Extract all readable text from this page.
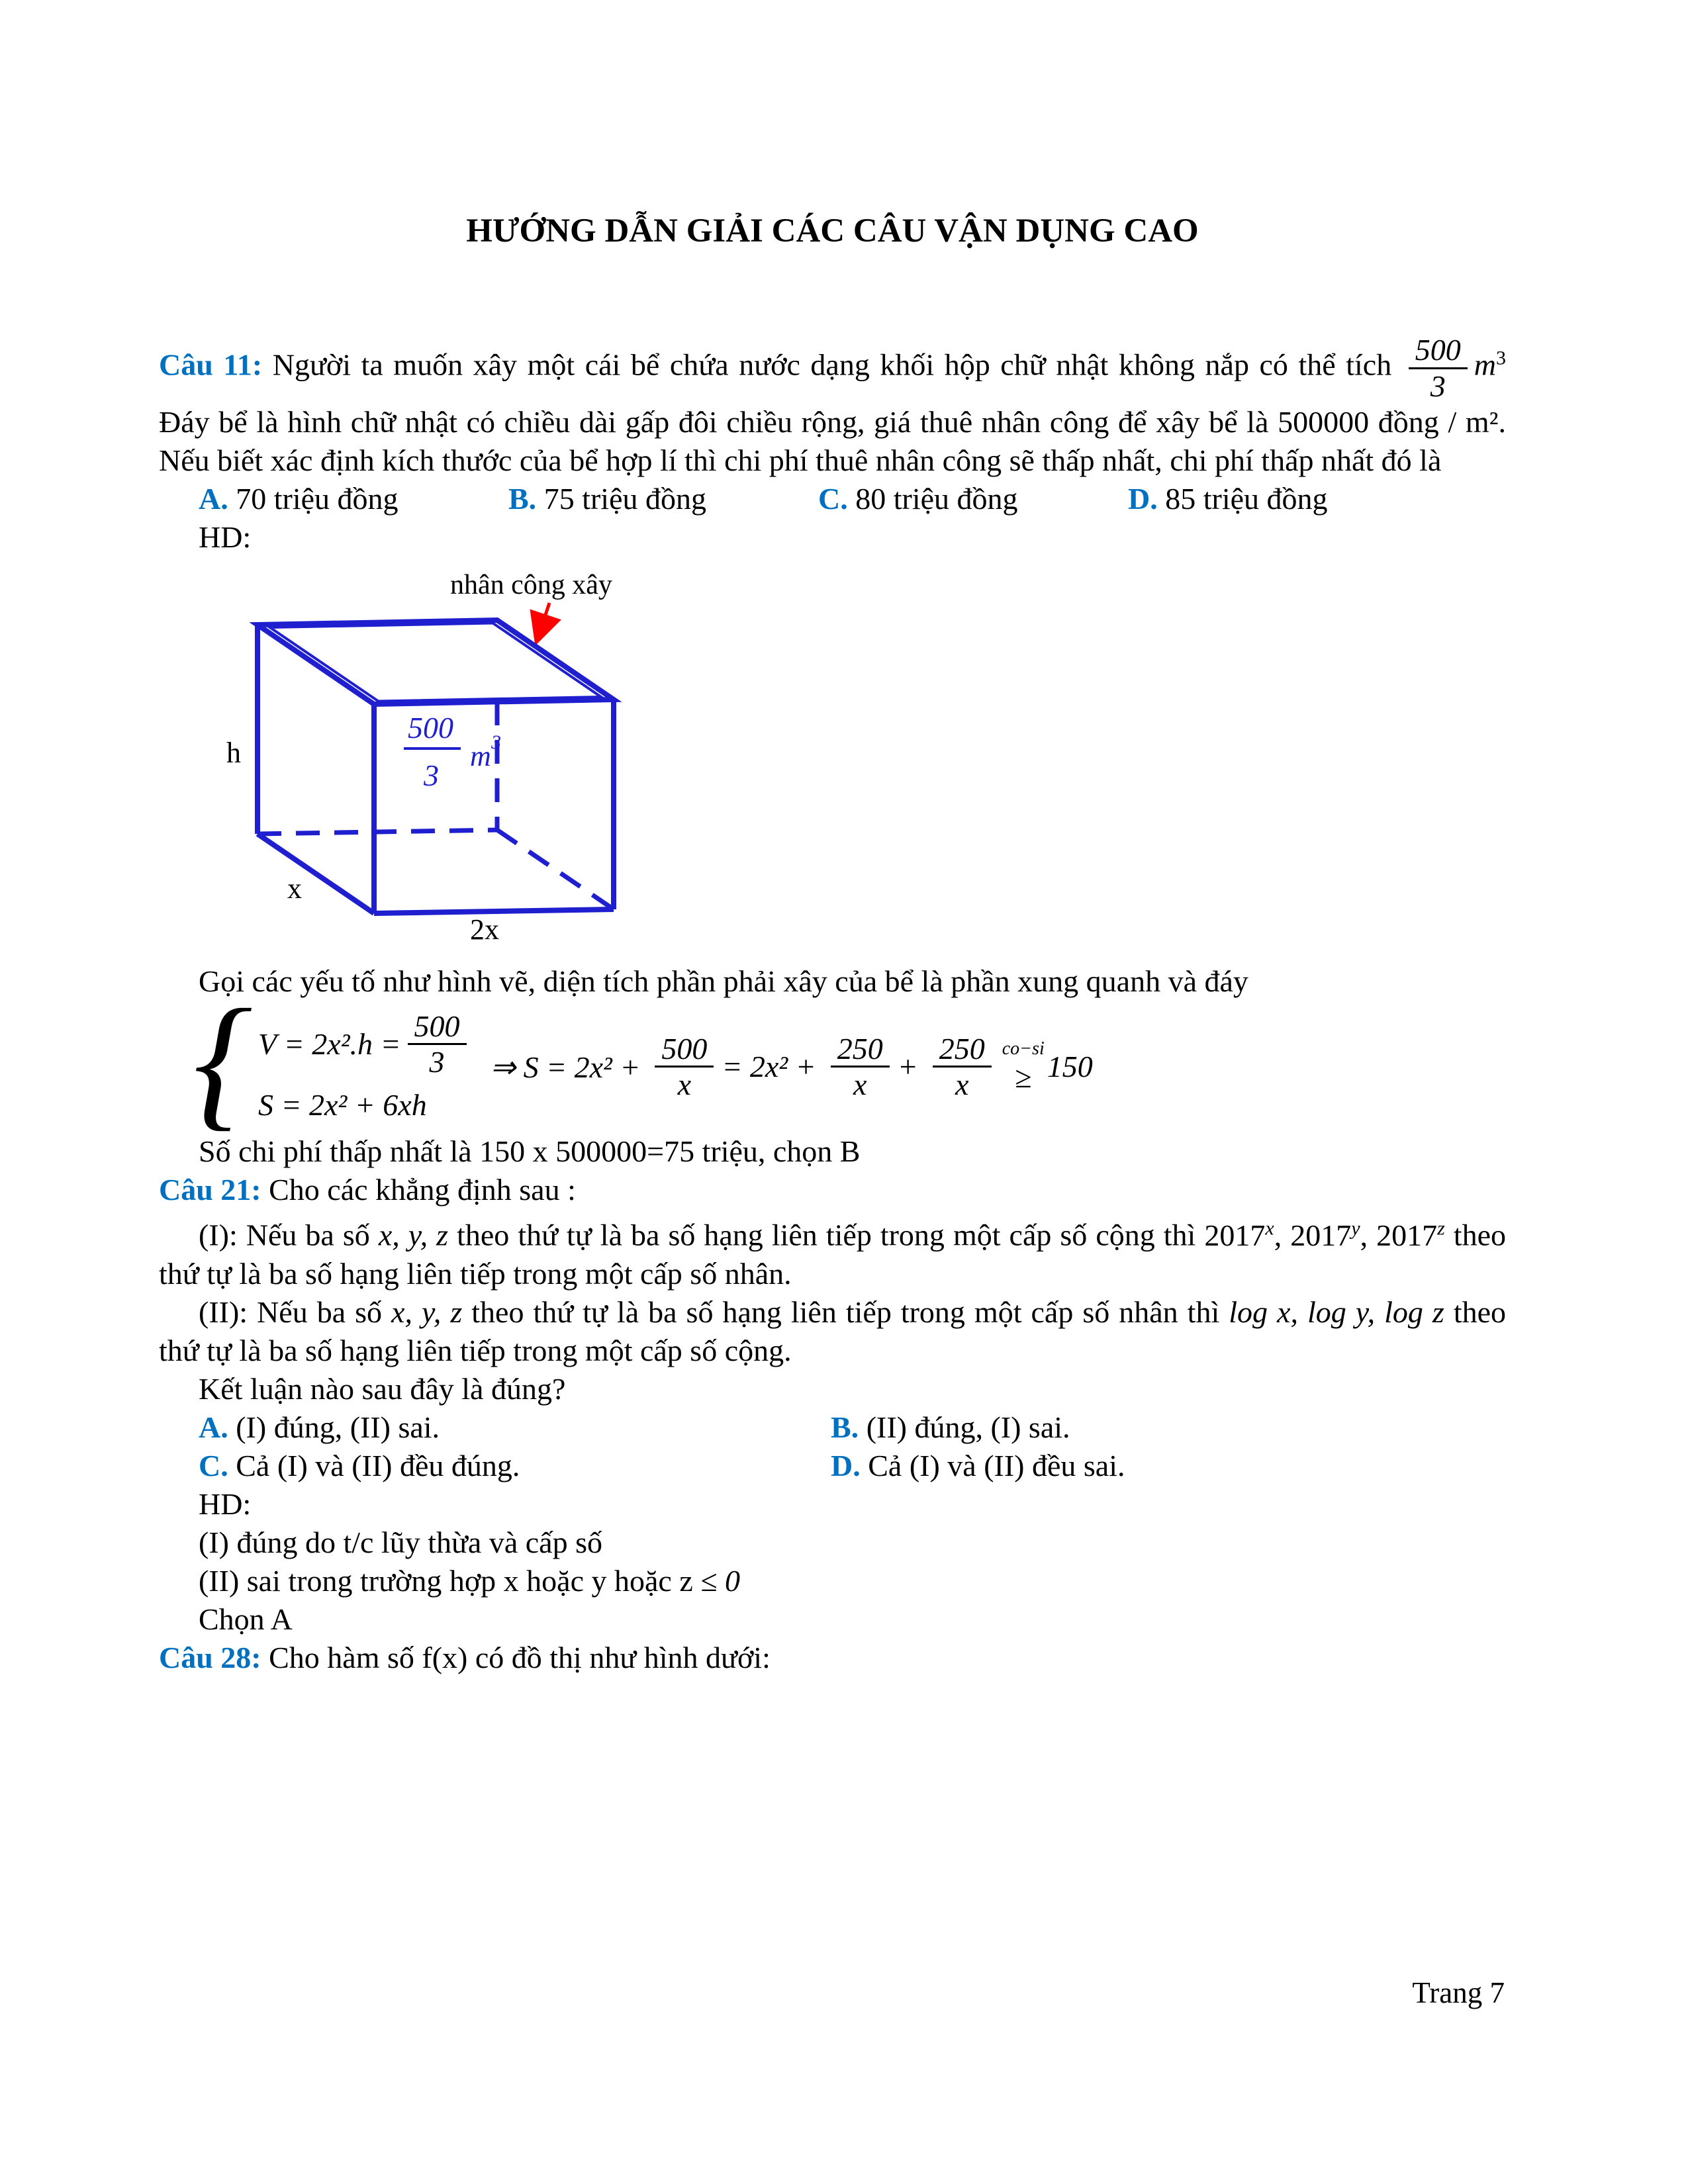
HƯỚNG DẪN GIẢI CÁC CÂU VẬN DỤNG CAO

Câu 11: Người ta muốn xây một cái bể chứa nước dạng khối hộp chữ nhật không nắp có thể tích $\frac{500}{3} m^3$ Đáy bể là hình chữ nhật có chiều dài gấp đôi chiều rộng, giá thuê nhân công để xây bể là 500000 đồng / m². Nếu biết xác định kích thước của bể hợp lí thì chi phí thuê nhân công sẽ thấp nhất, chi phí thấp nhất đó là

A. 70 triệu đồng	B. 75 triệu đồng	C. 80 triệu đồng	D. 85 triệu đồng
HD:
nhân công xây
500
3
m 3
h
x
2x
Gọi các yếu tố như hình vẽ, diện tích phần phải xây của bể là phần xung quanh và đáy
{ $V = 2x^2.h = \frac{500}{3}$
S = 2x² + 6xh
⇒ $S = 2x^2 + \frac{500}{x} = 2x^2 + \frac{250}{x} + \frac{250}{x} co-si$
≥ 150
Số chi phí thấp nhất là 150 x 500000=75 triệu, chọn B
Câu 21: Cho các khẳng định sau :

(I): Nếu ba số x, y, z theo thứ tự là ba số hạng liên tiếp trong một cấp số cộng thì 2017$^x$, 2017$^y$, 2017$^z$ theo thứ tự là ba số hạng liên tiếp trong một cấp số nhân.

(II): Nếu ba số x, y, z theo thứ tự là ba số hạng liên tiếp trong một cấp số nhân thì log x, log y, log z theo thứ tự là ba số hạng liên tiếp trong một cấp số cộng.

Kết luận nào sau đây là đúng?
A. (I) đúng, (II) sai.	B. (II) đúng, (I) sai.
C. Cả (I) và (II) đều đúng.	D. Cả (I) và (II) đều sai.
HD:
(I) đúng do t/c lũy thừa và cấp số
(II) sai trong trường hợp x hoặc y hoặc z ≤ 0
Chọn A
Câu 28: Cho hàm số f(x) có đồ thị như hình dưới:
Trang 7
